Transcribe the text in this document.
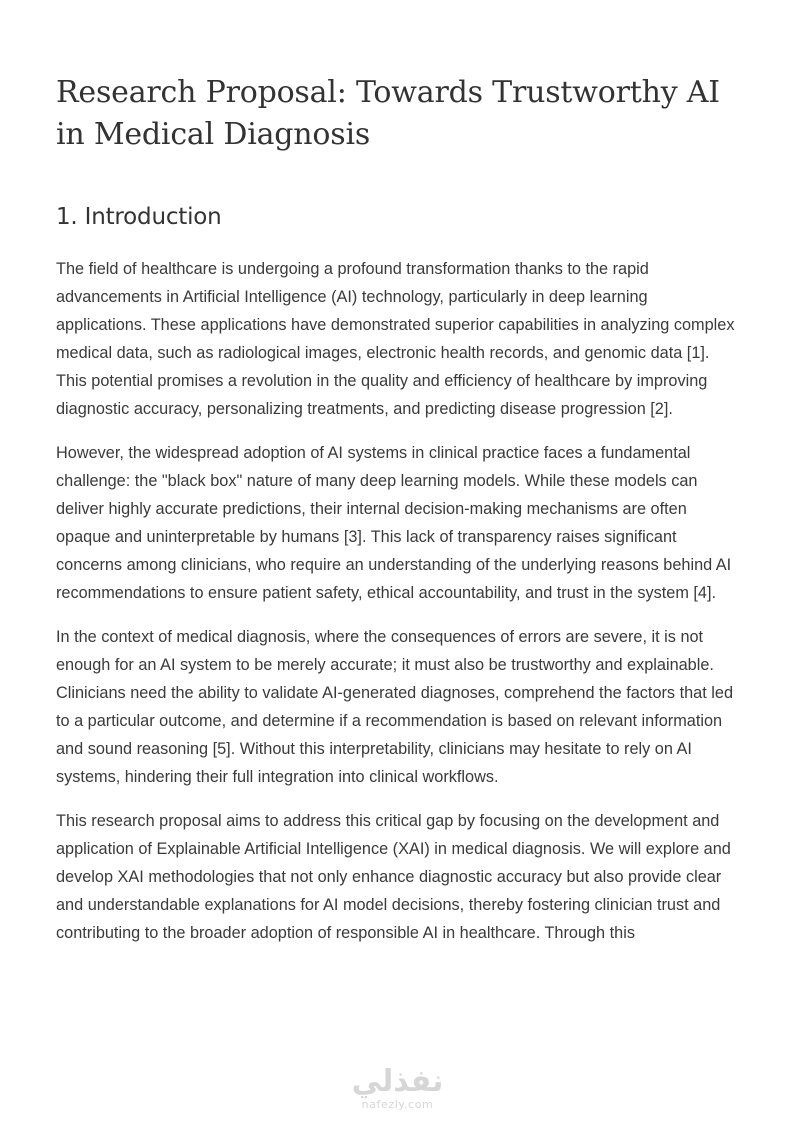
Research Proposal: Towards Trustworthy AI in Medical Diagnosis
1. Introduction

The field of healthcare is undergoing a profound transformation thanks to the rapid advancements in Artificial Intelligence (AI) technology, particularly in deep learning applications. These applications have demonstrated superior capabilities in analyzing complex medical data, such as radiological images, electronic health records, and genomic data [1]. This potential promises a revolution in the quality and efficiency of healthcare by improving diagnostic accuracy, personalizing treatments, and predicting disease progression [2].

However, the widespread adoption of AI systems in clinical practice faces a fundamental challenge: the "black box" nature of many deep learning models. While these models can deliver highly accurate predictions, their internal decision-making mechanisms are often opaque and uninterpretable by humans [3]. This lack of transparency raises significant concerns among clinicians, who require an understanding of the underlying reasons behind AI recommendations to ensure patient safety, ethical accountability, and trust in the system [4].

In the context of medical diagnosis, where the consequences of errors are severe, it is not enough for an AI system to be merely accurate; it must also be trustworthy and explainable. Clinicians need the ability to validate AI-generated diagnoses, comprehend the factors that led to a particular outcome, and determine if a recommendation is based on relevant information and sound reasoning [5]. Without this interpretability, clinicians may hesitate to rely on AI systems, hindering their full integration into clinical workflows.

This research proposal aims to address this critical gap by focusing on the development and application of Explainable Artificial Intelligence (XAI) in medical diagnosis. We will explore and develop XAI methodologies that not only enhance diagnostic accuracy but also provide clear and understandable explanations for AI model decisions, thereby fostering clinician trust and contributing to the broader adoption of responsible AI in healthcare. Through this

نفذلي
nafezly.com
